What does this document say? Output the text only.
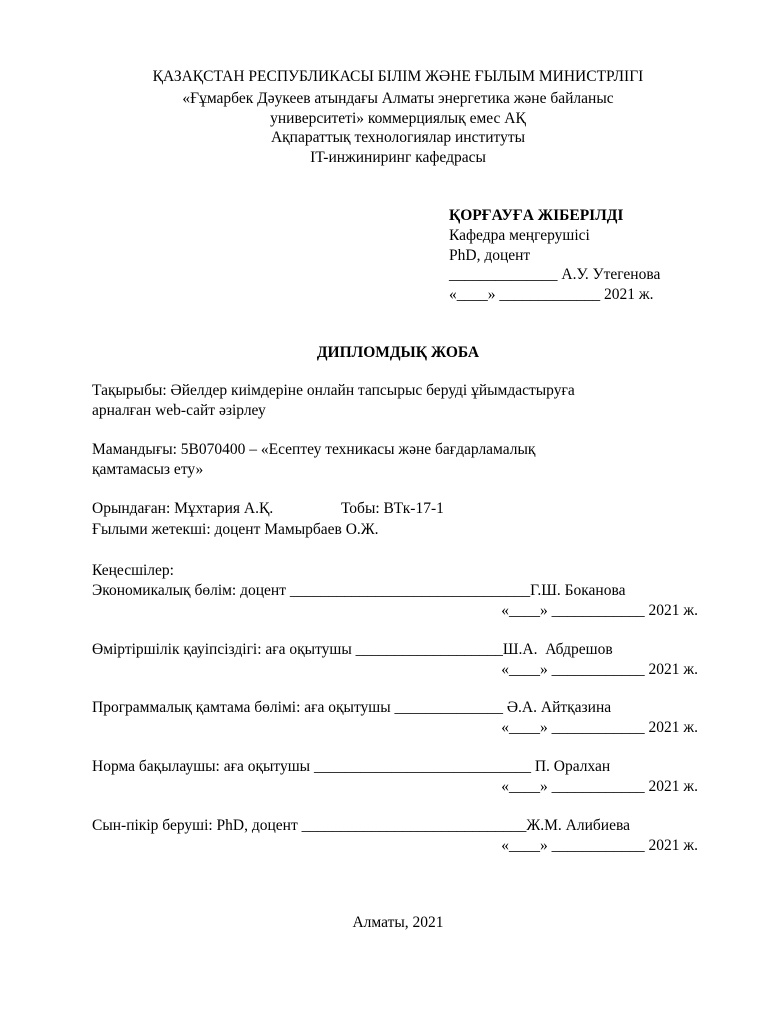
ҚАЗАҚСТАН РЕСПУБЛИКАСЫ БІЛІМ ЖӘНЕ ҒЫЛЫМ МИНИСТРЛІГІ
«Ғұмарбек Дәукеев атындағы Алматы энергетика және байланыс
университеті» коммерциялық емес АҚ
Ақпараттық технологиялар институты
IT-инжиниринг кафедрасы
ҚОРҒАУҒА ЖІБЕРІЛДІ
Кафедра меңгерушісі
PhD, доцент
______________ А.У. Утегенова
«____» _____________ 2021 ж.
ДИПЛОМДЫҚ ЖОБА
Тақырыбы: Әйелдер киімдеріне онлайн тапсырыс беруді ұйымдастыруға
арналған web-сайт әзірлеу
Мамандығы: 5В070400 – «Есептеу техникасы және бағдарламалық
қамтамасыз ету»
Орындаған: Мұхтария А.Қ.	Тобы: ВТк-17-1
Ғылыми жетекші: доцент Мамырбаев О.Ж.
Кеңесшілер:
Экономикалық бөлім: доцент _______________________________Г.Ш. Боканова
«____» ____________ 2021 ж.
Өміртіршілік қауіпсіздігі: аға оқытушы ___________________Ш.А.  Абдрешов
«____» ____________ 2021 ж.
Программалық қамтама бөлімі: аға оқытушы ______________ Ә.А. Айтқазина
«____» ____________ 2021 ж.
Норма бақылаушы: аға оқытушы ____________________________ П. Оралхан
«____» ____________ 2021 ж.
Сын-пікір беруші: PhD, доцент _____________________________Ж.М. Алибиева
«____» ____________ 2021 ж.
Алматы, 2021
